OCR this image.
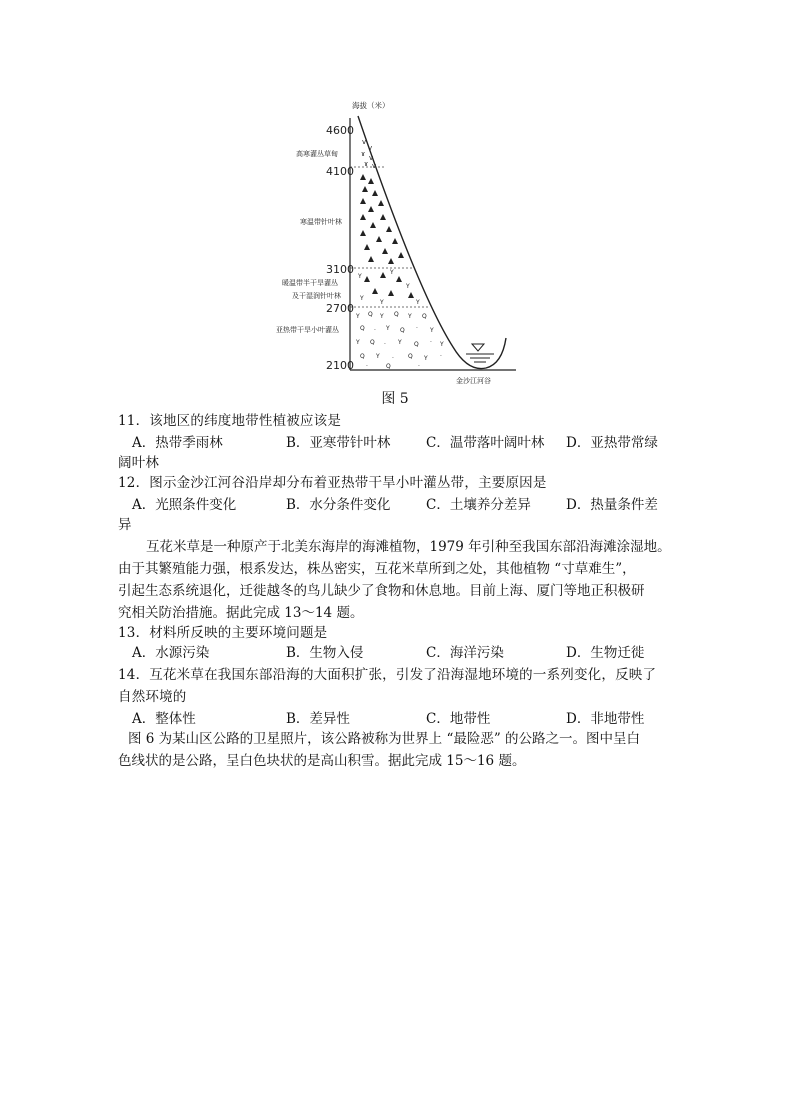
海拔（米）
4600
4100
3100
2700
2100
高寒灌丛草甸
寒温带针叶林
暖温带半干旱灌丛
及干湿润针叶林
亚热带干旱小叶灌丛
v
v
ɤ v
ɤ v
Y
Y
Y
Y
Y	Y
Y Q Y Q Y Q
Q · Y Q · Y
Y Q · Y Q · Y
Q Y · Q Y ·
·	Q	·
金沙江河谷
图 5
11．该地区的纬度地带性植被应该是
A．热带季雨林	B．亚寒带针叶林	C．温带落叶阔叶林 D．亚热带常绿
阔叶林
12．图示金沙江河谷沿岸却分布着亚热带干旱小叶灌丛带，主要原因是
A．光照条件变化	B．水分条件变化	C．土壤养分差异	D．热量条件差
异
互花米草是一种原产于北美东海岸的海滩植物，1979 年引种至我国东部沿海滩涂湿地。
由于其繁殖能力强，根系发达，株丛密实，互花米草所到之处，其他植物 “寸草难生”，
引起生态系统退化，迁徙越冬的鸟儿缺少了食物和休息地。目前上海、厦门等地正积极研
究相关防治措施。据此完成 13～14 题。
13．材料所反映的主要环境问题是
A．水源污染	B．生物入侵	C．海洋污染	D．生物迁徙
14．互花米草在我国东部沿海的大面积扩张，引发了沿海湿地环境的一系列变化，反映了
自然环境的
A．整体性	B．差异性	C．地带性	D．非地带性
图 6 为某山区公路的卫星照片，该公路被称为世界上 “最险恶” 的公路之一。图中呈白
色线状的是公路，呈白色块状的是高山积雪。据此完成 15～16 题。
